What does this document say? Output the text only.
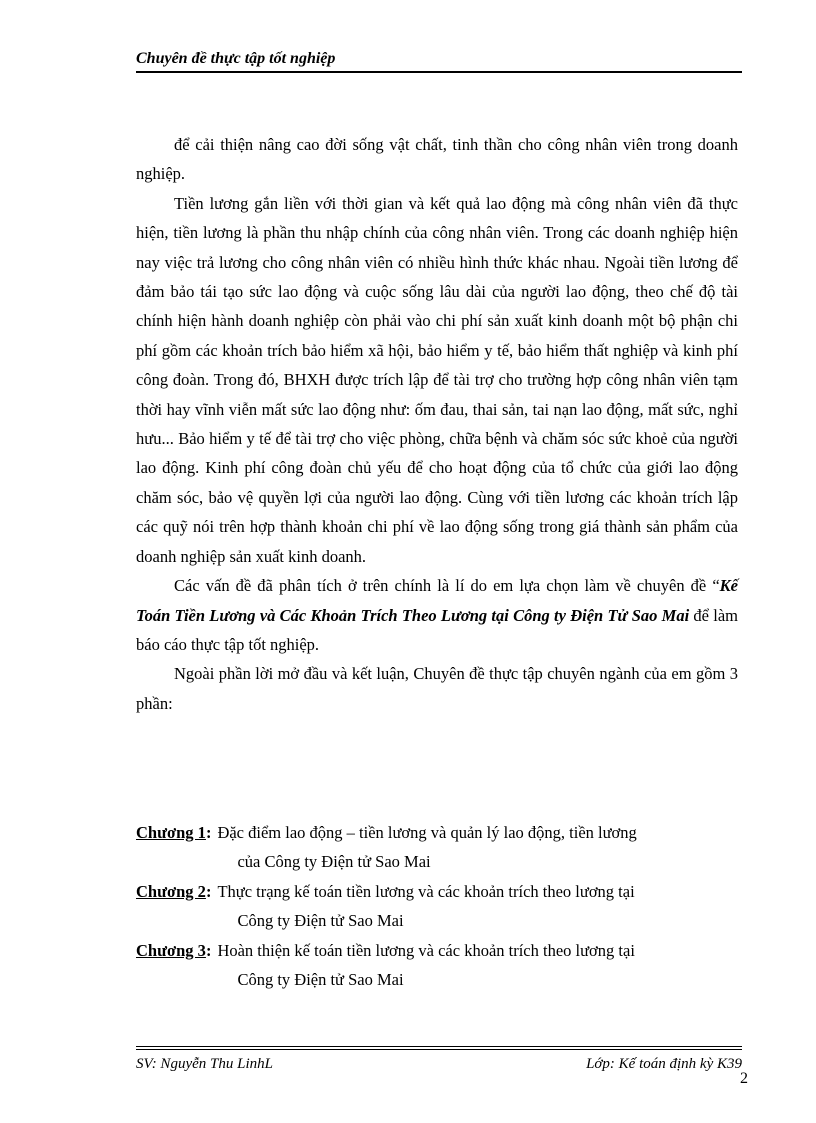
Chuyên đề thực tập tốt nghiệp

để cải thiện nâng cao đời sống vật chất, tinh thần cho công nhân viên trong doanh nghiệp.

Tiền lương gắn liền với thời gian và kết quả lao động mà công nhân viên đã thực hiện, tiền lương là phần thu nhập chính của công nhân viên. Trong các doanh nghiệp hiện nay việc trả lương cho công nhân viên có nhiều hình thức khác nhau. Ngoài tiền lương để đảm bảo tái tạo sức lao động và cuộc sống lâu dài của người lao động, theo chế độ tài chính hiện hành doanh nghiệp còn phải vào chi phí sản xuất kinh doanh một bộ phận chi phí gồm các khoản trích bảo hiểm xã hội, bảo hiểm y tế, bảo hiểm thất nghiệp và kinh phí công đoàn. Trong đó, BHXH được trích lập để tài trợ cho trường hợp công nhân viên tạm thời hay vĩnh viễn mất sức lao động như: ốm đau, thai sản, tai nạn lao động, mất sức, nghỉ hưu... Bảo hiểm y tế để tài trợ cho việc phòng, chữa bệnh và chăm sóc sức khoẻ của người lao động. Kinh phí công đoàn chủ yếu để cho hoạt động của tổ chức của giới lao động chăm sóc, bảo vệ quyền lợi của người lao động. Cùng với tiền lương các khoản trích lập các quỹ nói trên hợp thành khoản chi phí về lao động sống trong giá thành sản phẩm của doanh nghiệp sản xuất kinh doanh.

Các vấn đề đã phân tích ở trên chính là lí do em lựa chọn làm về chuyên đề “Kế Toán Tiền Lương và Các Khoản Trích Theo Lương tại Công ty Điện Tử Sao Mai để làm báo cáo thực tập tốt nghiệp.

Ngoài phần lời mở đầu và kết luận, Chuyên đề thực tập chuyên ngành của em gồm 3 phần:

Chương 1 : Đặc điểm lao động – tiền lương và quản lý lao động, tiền lương
của Công ty Điện tử Sao Mai
Chương 2 : Thực trạng kế toán tiền lương và các khoản trích theo lương tại
Công ty Điện tử Sao Mai
Chương 3 : Hoàn thiện kế toán tiền lương và các khoản trích theo lương tại
Công ty Điện tử Sao Mai
SV: Nguyễn Thu LinhL	Lớp: Kế toán định kỳ K39
2
